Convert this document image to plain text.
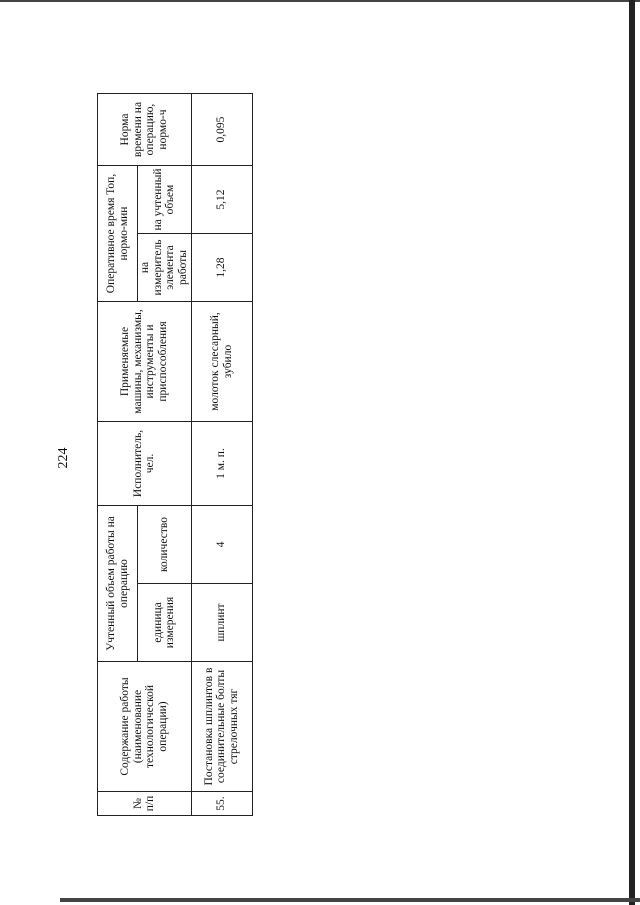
224
№ п/п	Содержание работы (наименование технологической операции)	Учтенный объем работы на операцию		Исполнитель, чел.	Применяемые машины, механизмы, инструменты и приспособления	Оперативное время Топ, нормо-мин		Норма времени на операцию, нормо-ч
		единица измерения	количество			на измеритель элемента работы	на учтенный объем	
55.	Постановка шплинтов в соединительные болты стрелочных тяг	шплинт	4	1 м. п.	молоток слесарный, зубило	1,28	5,12	0,095
